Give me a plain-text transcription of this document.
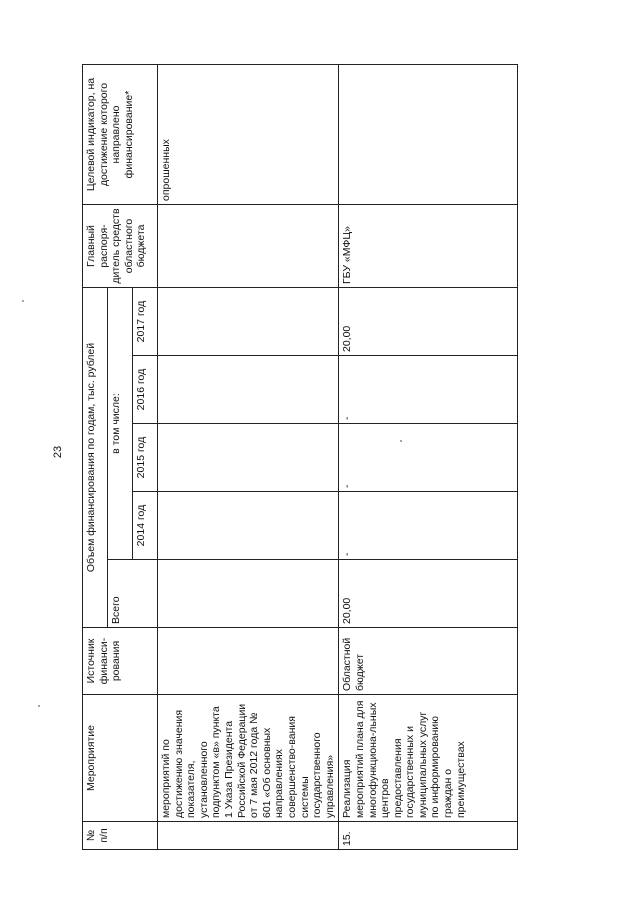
23
№ п/п	Мероприятие	Источник финанси-рования	Объем финансирования по годам, тыс. рублей					Главный распоря-дитель средств областного бюджета	Целевой индикатор, на достижение которого направлено финансирование*
			Всего	в том числе:					
				2014 год	2015 год	2016 год	2017 год		
	мероприятий по достижению значения показателя, установленного подпунктом «в» пункта 1 Указа Президента Российской Федерации от 7 мая 2012 года № 601 «Об основных направлениях совершенство-вания системы государственного управления»								опрошенных
15.	Реализация мероприятий плана для многофункциона-льных центров предоставления государственных и муниципальных услуг по информированию граждан о преимуществах	Областной бюджет	20,00	-	-	-	20,00	ГБУ «МФЦ»	
